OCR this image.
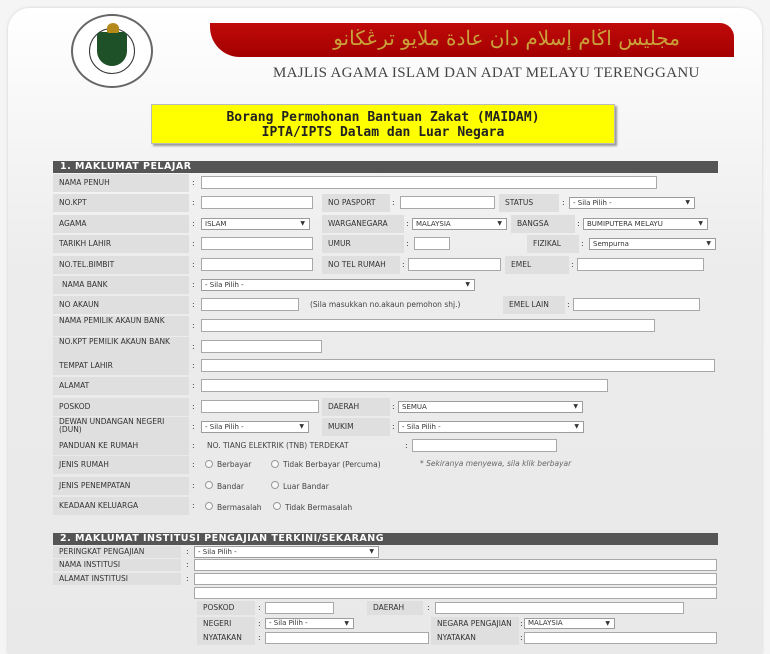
مجليس اڬام إسلام دان عادة ملايو ترڠڬانو
MAJLIS AGAMA ISLAM DAN ADAT MELAYU TERENGGANU
Borang Permohonan Bantuan Zakat (MAIDAM)
IPTA/IPTS Dalam dan Luar Negara
1. MAKLUMAT PELAJAR
NAMA PENUH	:
NO.KPT	:	NO PASPORT	:	STATUS	:	- Sila Pilih -	▼
AGAMA	:	ISLAM	▼	WARGANEGARA	:	MALAYSIA	▼	BANGSA	:	BUMIPUTERA MELAYU	▼
TARIKH LAHIR	:	UMUR	:	FIZIKAL	:	Sempurna	▼
NO.TEL.BIMBIT	:	NO TEL RUMAH	:	EMEL	:
NAMA BANK	:	- Sila Pilih -	▼
NO AKAUN	:	(Sila masukkan no.akaun pemohon shj.)	EMEL LAIN	:
NAMA PEMILIK AKAUN BANK
:
NO.KPT PEMILIK AKAUN BANK
:
TEMPAT LAHIR	:
ALAMAT	:
POSKOD	:	DAERAH	:	SEMUA	▼
DEWAN UNDANGAN NEGERI (DUN)	:	- Sila Pilih -	▼	MUKIM	:	- Sila Pilih -	▼
PANDUAN KE RUMAH	: NO. TIANG ELEKTRIK (TNB) TERDEKAT	:
JENIS RUMAH	:	Berbayar	Tidak Berbayar (Percuma)	* Sekiranya menyewa, sila klik berbayar
JENIS PENEMPATAN	:	Bandar	Luar Bandar
KEADAAN KELUARGA	:	Bermasalah	Tidak Bermasalah
2. MAKLUMAT INSTITUSI PENGAJIAN TERKINI/SEKARANG
PERINGKAT PENGAJIAN	:	- Sila Pilih -	▼
NAMA INSTITUSI	:
ALAMAT INSTITUSI	:
POSKOD	:	DAERAH	:
NEGERI	:	- Sila Pilih -	▼	NEGARA PENGAJIAN	: MALAYSIA	▼
NYATAKAN	:	NYATAKAN	:
